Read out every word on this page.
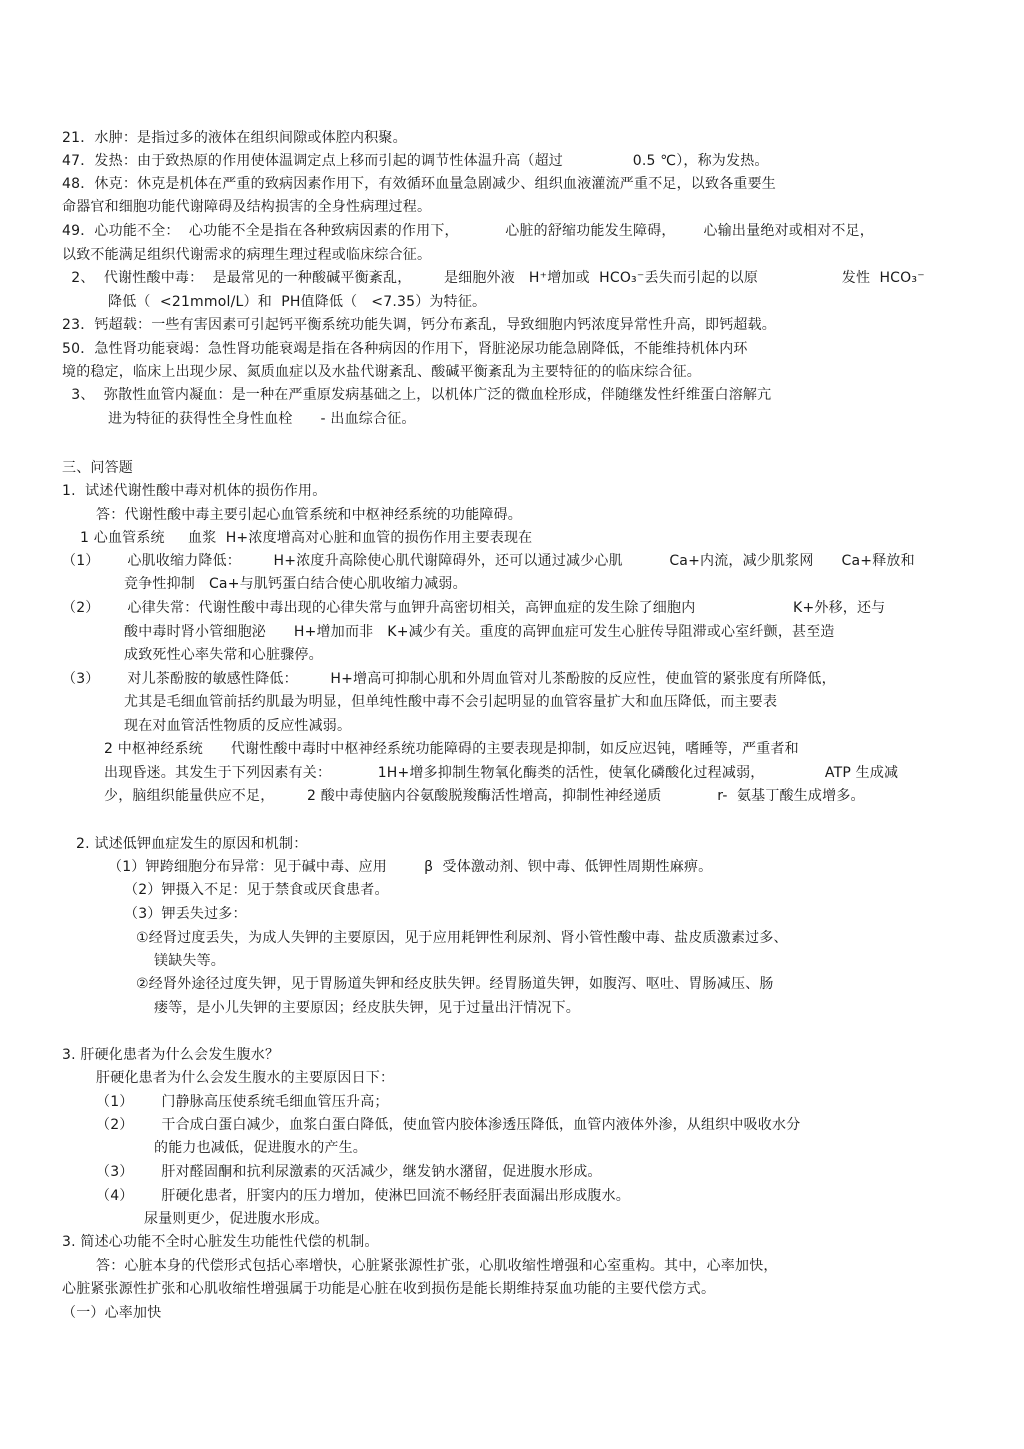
21．水肿：是指过多的液体在组织间隙或体腔内积聚。
47．发热：由于致热原的作用使体温调定点上移而引起的调节性体温升高（超过               0.5 ℃），称为发热。
48．休克：休克是机体在严重的致病因素作用下，有效循环血量急剧减少、组织血液灌流严重不足，以致各重要生
命器官和细胞功能代谢障碍及结构损害的全身性病理过程。
49．心功能不全：  心功能不全是指在各种致病因素的作用下，          心脏的舒缩功能发生障碍，      心输出量绝对或相对不足，
以致不能满足组织代谢需求的病理生理过程或临床综合征。
2、  代谢性酸中毒：  是最常见的一种酸碱平衡紊乱，       是细胞外液   H⁺增加或  HCO₃⁻丢失而引起的以原                  发性  HCO₃⁻
降低（  <21mmol/L）和  PH值降低（   <7.35）为特征。
23．钙超载：一些有害因素可引起钙平衡系统功能失调，钙分布紊乱，导致细胞内钙浓度异常性升高，即钙超载。
50．急性肾功能衰竭：急性肾功能衰竭是指在各种病因的作用下，肾脏泌尿功能急剧降低，不能维持机体内环
境的稳定，临床上出现少尿、氮质血症以及水盐代谢紊乱、酸碱平衡紊乱为主要特征的的临床综合征。
3、  弥散性血管内凝血：是一种在严重原发病基础之上，以机体广泛的微血栓形成，伴随继发性纤维蛋白溶解亢
进为特征的获得性全身性血栓      - 出血综合征。
三、问答题
1.  试述代谢性酸中毒对机体的损伤作用。
答：代谢性酸中毒主要引起心血管系统和中枢神经系统的功能障碍。
1 心血管系统     血浆  H+浓度增高对心脏和血管的损伤作用主要表现在
（1）      心肌收缩力降低：       H+浓度升高除使心肌代谢障碍外，还可以通过减少心肌          Ca+内流，减少肌浆网      Ca+释放和
竞争性抑制   Ca+与肌钙蛋白结合使心肌收缩力减弱。
（2）      心律失常：代谢性酸中毒出现的心律失常与血钾升高密切相关，高钾血症的发生除了细胞内                     K+外移，还与
酸中毒时肾小管细胞泌      H+增加而非   K+减少有关。重度的高钾血症可发生心脏传导阻滞或心室纤颤，甚至造
成致死性心率失常和心脏骤停。
（3）      对儿茶酚胺的敏感性降低：       H+增高可抑制心肌和外周血管对儿茶酚胺的反应性，使血管的紧张度有所降低，
尤其是毛细血管前括约肌最为明显，但单纯性酸中毒不会引起明显的血管容量扩大和血压降低，而主要表
现在对血管活性物质的反应性减弱。
2 中枢神经系统      代谢性酸中毒时中枢神经系统功能障碍的主要表现是抑制，如反应迟钝，嗜睡等，严重者和
出现昏迷。其发生于下列因素有关：          1H+增多抑制生物氧化酶类的活性，使氧化磷酸化过程减弱，             ATP 生成减
少，脑组织能量供应不足，       2 酸中毒使脑内谷氨酸脱羧酶活性增高，抑制性神经递质            r-  氨基丁酸生成增多。
2. 试述低钾血症发生的原因和机制：
（1）钾跨细胞分布异常：见于碱中毒、应用        β  受体激动剂、钡中毒、低钾性周期性麻痹。
（2）钾摄入不足：见于禁食或厌食患者。
（3）钾丢失过多：
①经肾过度丢失，为成人失钾的主要原因，见于应用耗钾性利尿剂、肾小管性酸中毒、盐皮质激素过多、
镁缺失等。
②经肾外途径过度失钾，见于胃肠道失钾和经皮肤失钾。经胃肠道失钾，如腹泻、呕吐、胃肠减压、肠
瘘等，是小儿失钾的主要原因；经皮肤失钾，见于过量出汗情况下。
3. 肝硬化患者为什么会发生腹水？
肝硬化患者为什么会发生腹水的主要原因日下：
（1）      门静脉高压使系统毛细血管压升高；
（2）      干合成白蛋白减少，血浆白蛋白降低，使血管内胶体渗透压降低，血管内液体外渗，从组织中吸收水分
的能力也减低，促进腹水的产生。
（3）      肝对醛固酮和抗利尿激素的灭活减少，继发钠水潴留，促进腹水形成。
（4）      肝硬化患者，肝窦内的压力增加，使淋巴回流不畅经肝表面漏出形成腹水。
尿量则更少，促进腹水形成。
3. 简述心功能不全时心脏发生功能性代偿的机制。
答：心脏本身的代偿形式包括心率增快，心脏紧张源性扩张，心肌收缩性增强和心室重构。其中，心率加快，
心脏紧张源性扩张和心肌收缩性增强属于功能是心脏在收到损伤是能长期维持泵血功能的主要代偿方式。
（一）心率加快
